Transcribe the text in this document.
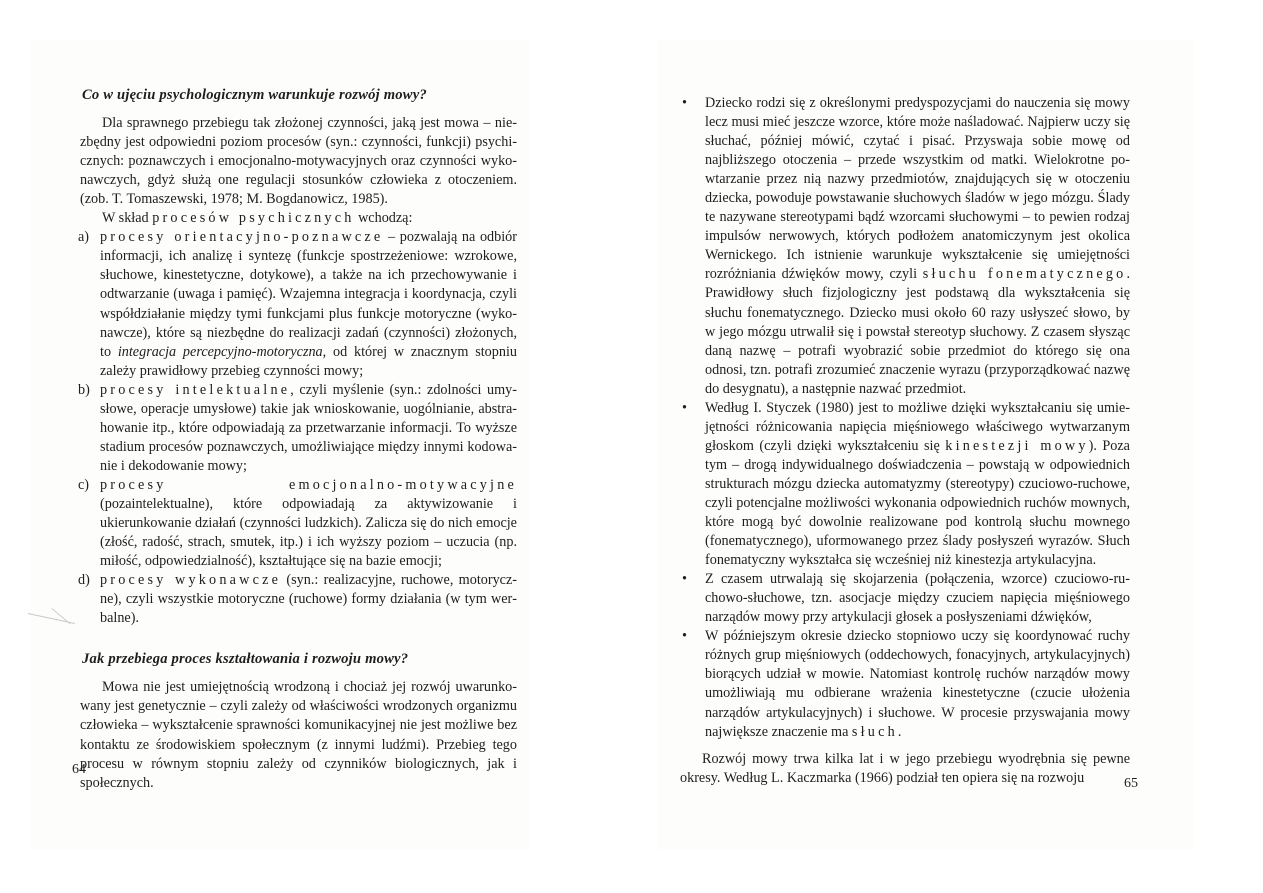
Co w ujęciu psychologicznym warunkuje rozwój mowy?

Dla sprawnego przebiegu tak złożonej czynności, jaką jest mowa – niezbędny jest odpowiedni poziom procesów (syn.: czynności, funkcji) psychicznych: poznawczych i emocjonalno-motywacyjnych oraz czynności wykonawczych, gdyż służą one regulacji stosunków człowieka z otoczeniem. (zob. T. Tomaszewski, 1978; M. Bogdanowicz, 1985).

W skład procesów psychicznych wchodzą:

a) procesy orientacyjno-poznawcze – pozwalają na odbiór informacji, ich analizę i syntezę (funkcje spostrzeżeniowe: wzrokowe, słuchowe, kinestetyczne, dotykowe), a także na ich przechowywanie i odtwarzanie (uwaga i pamięć). Wzajemna integracja i koordynacja, czyli współdziałanie między tymi funkcjami plus funkcje motoryczne (wykonawcze), które są niezbędne do realizacji zadań (czynności) złożonych, to integracja percepcyjno-motoryczna, od której w znacznym stopniu zależy prawidłowy przebieg czynności mowy;
b) procesy intelektualne, czyli myślenie (syn.: zdolności umysłowe, operacje umysłowe) takie jak wnioskowanie, uogólnianie, abstrahowanie itp., które odpowiadają za przetwarzanie informacji. To wyższe stadium procesów poznawczych, umożliwiające między innymi kodowanie i dekodowanie mowy;
c) procesy emocjonalno-motywacyjne (pozaintelektualne), które odpowiadają za aktywizowanie i ukierunkowanie działań (czynności ludzkich). Zalicza się do nich emocje (złość, radość, strach, smutek, itp.) i ich wyższy poziom – uczucia (np. miłość, odpowiedzialność), kształtujące się na bazie emocji;
d) procesy wykonawcze (syn.: realizacyjne, ruchowe, motoryczne), czyli wszystkie motoryczne (ruchowe) formy działania (w tym werbalne).
Jak przebiega proces kształtowania i rozwoju mowy?

Mowa nie jest umiejętnością wrodzoną i chociaż jej rozwój uwarunkowany jest genetycznie – czyli zależy od właściwości wrodzonych organizmu człowieka – wykształcenie sprawności komunikacyjnej nie jest możliwe bez kontaktu ze środowiskiem społecznym (z innymi ludźmi). Przebieg tego procesu w równym stopniu zależy od czynników biologicznych, jak i społecznych.

64
• Dziecko rodzi się z określonymi predyspozycjami do nauczenia się mowy lecz musi mieć jeszcze wzorce, które może naśladować. Najpierw uczy się słuchać, później mówić, czytać i pisać. Przyswaja sobie mowę od najbliższego otoczenia – przede wszystkim od matki. Wielokrotne powtarzanie przez nią nazwy przedmiotów, znajdujących się w otoczeniu dziecka, powoduje powstawanie słuchowych śladów w jego mózgu. Ślady te nazywane stereotypami bądź wzorcami słuchowymi – to pewien rodzaj impulsów nerwowych, których podłożem anatomiczynym jest okolica Wernickego. Ich istnienie warunkuje wykształcenie się umiejętności rozróżniania dźwięków mowy, czyli słuchu fonematycznego. Prawidłowy słuch fizjologiczny jest podstawą dla wykształcenia się słuchu fonematycznego. Dziecko musi około 60 razy usłyszeć słowo, by w jego mózgu utrwalił się i powstał stereotyp słuchowy. Z czasem słysząc daną nazwę – potrafi wyobrazić sobie przedmiot do którego się ona odnosi, tzn. potrafi zrozumieć znaczenie wyrazu (przyporządkować nazwę do desygnatu), a następnie nazwać przedmiot.
• Według I. Styczek (1980) jest to możliwe dzięki wykształcaniu się umiejętności różnicowania napięcia mięśniowego właściwego wytwarzanym głoskom (czyli dzięki wykształceniu się kinestezji mowy). Poza tym – drogą indywidualnego doświadczenia – powstają w odpowiednich strukturach mózgu dziecka automatyzmy (stereotypy) czuciowo-ruchowe, czyli potencjalne możliwości wykonania odpowiednich ruchów mownych, które mogą być dowolnie realizowane pod kontrolą słuchu mownego (fonematycznego), uformowanego przez ślady posłyszeń wyrazów. Słuch fonematyczny wykształca się wcześniej niż kinestezja artykulacyjna.
• Z czasem utrwalają się skojarzenia (połączenia, wzorce) czuciowo-ruchowo-słuchowe, tzn. asocjacje między czuciem napięcia mięśniowego narządów mowy przy artykulacji głosek a posłyszeniami dźwięków,
• W późniejszym okresie dziecko stopniowo uczy się koordynować ruchy różnych grup mięśniowych (oddechowych, fonacyjnych, artykulacyjnych) biorących udział w mowie. Natomiast kontrolę ruchów narządów mowy umożliwiają mu odbierane wrażenia kinestetyczne (czucie ułożenia narządów artykulacyjnych) i słuchowe. W procesie przyswajania mowy największe znaczenie ma słuch.

Rozwój mowy trwa kilka lat i w jego przebiegu wyodrębnia się pewne okresy. Według L. Kaczmarka (1966) podział ten opiera się na rozwoju	65
